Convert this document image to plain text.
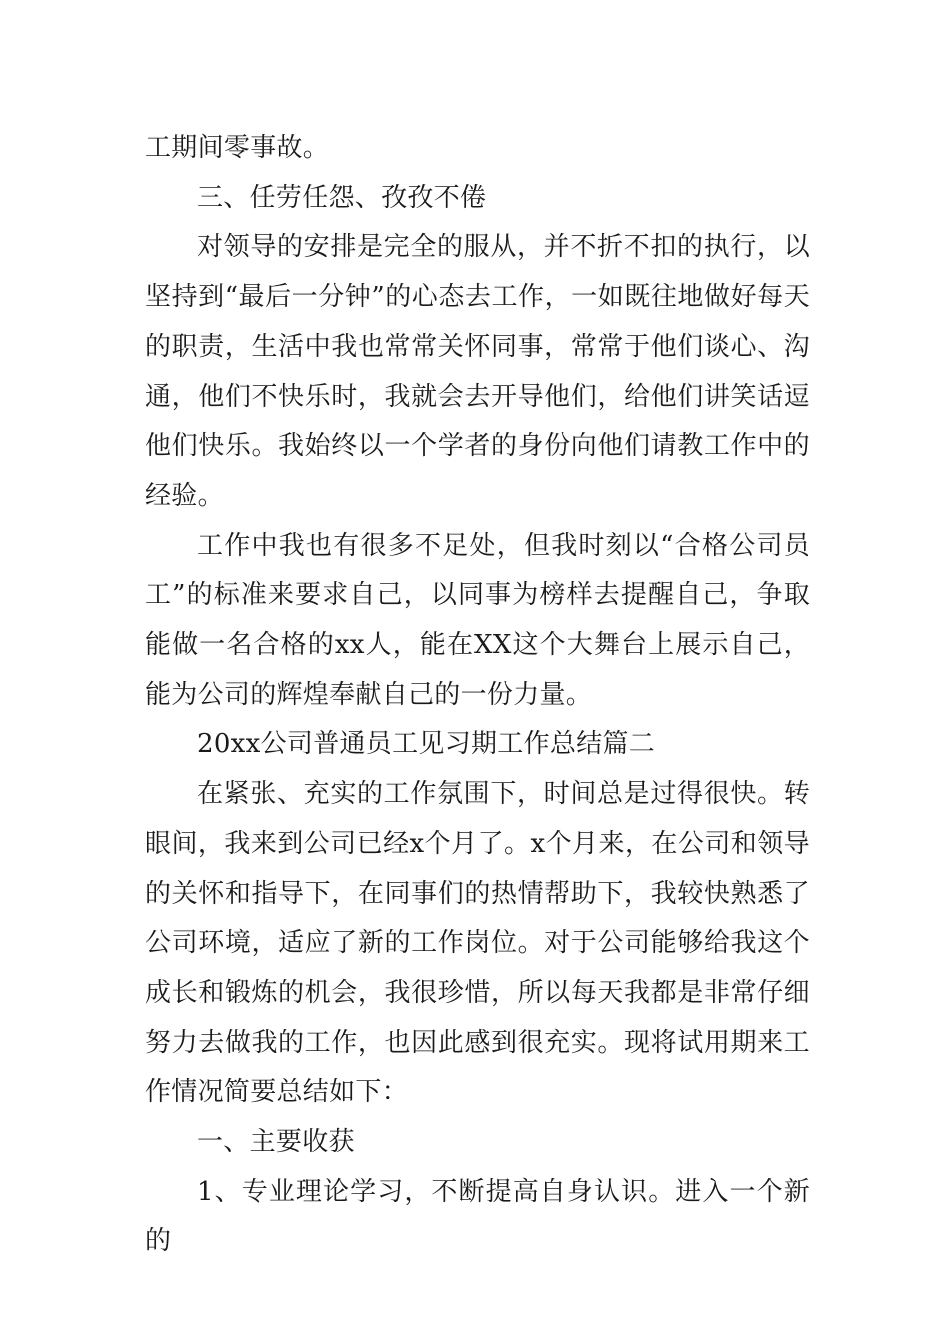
工期间零事故。

三、任劳任怨、孜孜不倦

对领导的安排是完全的服从，并不折不扣的执行，以坚持到“最后一分钟”的心态去工作，一如既往地做好每天的职责，生活中我也常常关怀同事，常常于他们谈心、沟通，他们不快乐时，我就会去开导他们，给他们讲笑话逗他们快乐。我始终以一个学者的身份向他们请教工作中的经验。

工作中我也有很多不足处，但我时刻以“合格公司员工”的标准来要求自己，以同事为榜样去提醒自己，争取能做一名合格的xx人，能在XX这个大舞台上展示自己，能为公司的辉煌奉献自己的一份力量。

20xx公司普通员工见习期工作总结篇二

在紧张、充实的工作氛围下，时间总是过得很快。转眼间，我来到公司已经x个月了。x个月来，在公司和领导的关怀和指导下，在同事们的热情帮助下，我较快熟悉了公司环境，适应了新的工作岗位。对于公司能够给我这个成长和锻炼的机会，我很珍惜，所以每天我都是非常仔细努力去做我的工作，也因此感到很充实。现将试用期来工作情况简要总结如下：

一、主要收获

1、专业理论学习，不断提高自身认识。进入一个新的
